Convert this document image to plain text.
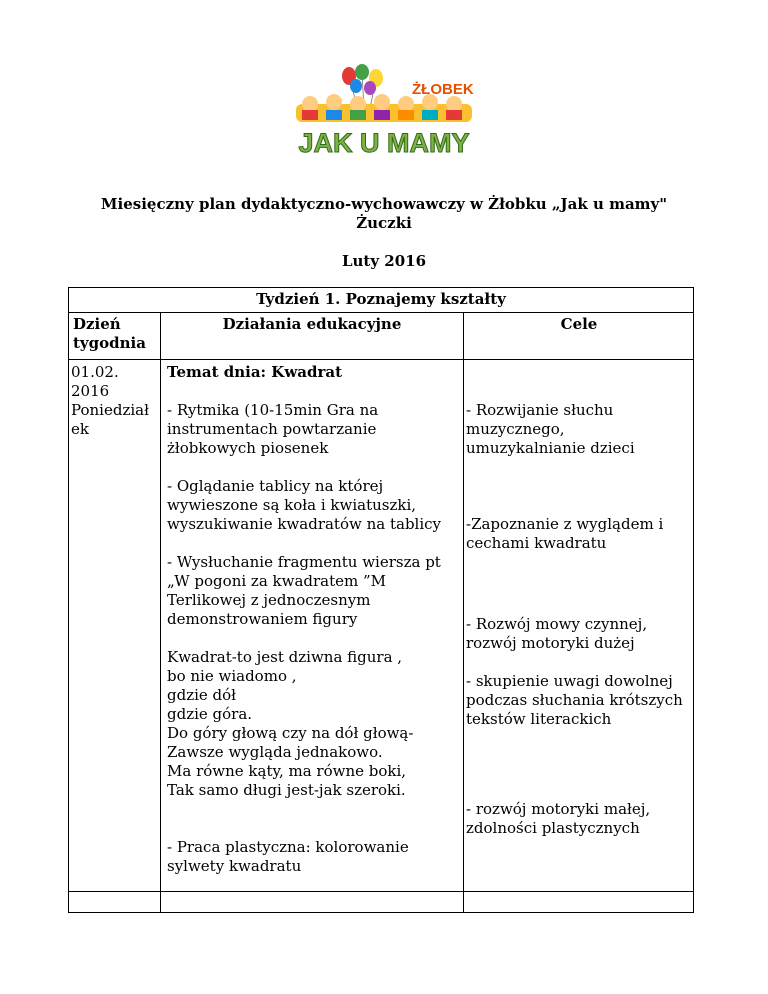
ŻŁOBEK
JAK U MAMY
Miesięczny plan dydaktyczno-wychowawczy w Żłobku „Jak u mamy"
Żuczki
Luty 2016
Tydzień 1. Poznajemy kształty
Dzień
tygodnia
Działania edukacyjne	Cele
01.02.
2016
Poniedział
ek
Temat dnia: Kwadrat
- Rytmika (10-15min Gra na
instrumentach powtarzanie
żłobkowych piosenek
- Oglądanie tablicy na której
wywieszone są koła i kwiatuszki,
wyszukiwanie kwadratów na tablicy
- Wysłuchanie fragmentu wiersza pt
„W pogoni za kwadratem ”M
Terlikowej z jednoczesnym
demonstrowaniem figury
Kwadrat-to jest dziwna figura ,
bo nie wiadomo ,
gdzie dół
gdzie góra.
Do góry głową czy na dół głową-
Zawsze wygląda jednakowo.
Ma równe kąty, ma równe boki,
Tak samo długi jest-jak szeroki.
- Praca plastyczna: kolorowanie
sylwety kwadratu
- Rozwijanie słuchu
muzycznego,
umuzykalnianie dzieci
-Zapoznanie z wyglądem i
cechami kwadratu
- Rozwój mowy czynnej,
rozwój motoryki dużej
- skupienie uwagi dowolnej
podczas słuchania krótszych
tekstów literackich
- rozwój motoryki małej,
zdolności plastycznych
